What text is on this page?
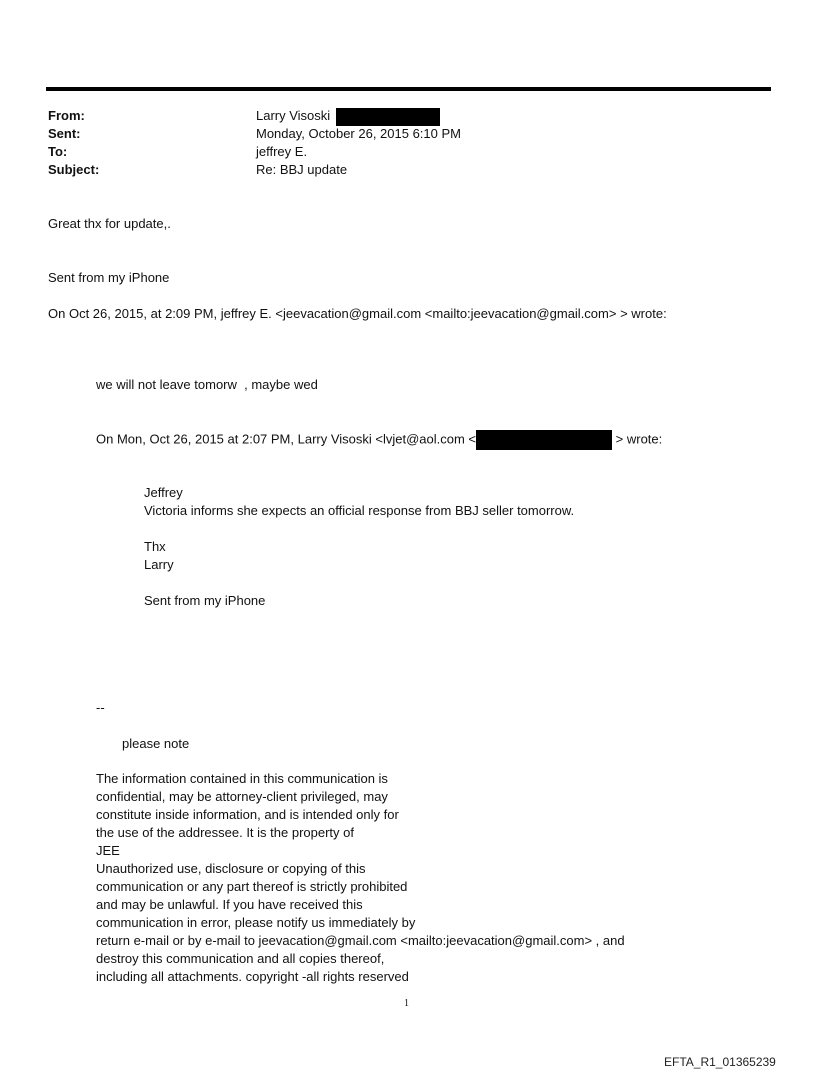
From:	Larry Visoski
Sent:	Monday, October 26, 2015 6:10 PM
To:	jeffrey E.
Subject:	Re: BBJ update
Great thx for update,.
Sent from my iPhone
On Oct 26, 2015, at 2:09 PM, jeffrey E. <jeevacation@gmail.com <mailto:jeevacation@gmail.com> > wrote:
we will not leave tomorw  , maybe wed
On Mon, Oct 26, 2015 at 2:07 PM, Larry Visoski <lvjet@aol.com <	> wrote:
Jeffrey
Victoria informs she expects an official response from BBJ seller tomorrow.
Thx
Larry
Sent from my iPhone
--
please note
The information contained in this communication is
confidential, may be attorney-client privileged, may
constitute inside information, and is intended only for
the use of the addressee. It is the property of
JEE
Unauthorized use, disclosure or copying of this
communication or any part thereof is strictly prohibited
and may be unlawful. If you have received this
communication in error, please notify us immediately by
return e-mail or by e-mail to jeevacation@gmail.com <mailto:jeevacation@gmail.com> , and
destroy this communication and all copies thereof,
including all attachments. copyright -all rights reserved
1
EFTA_R1_01365239
